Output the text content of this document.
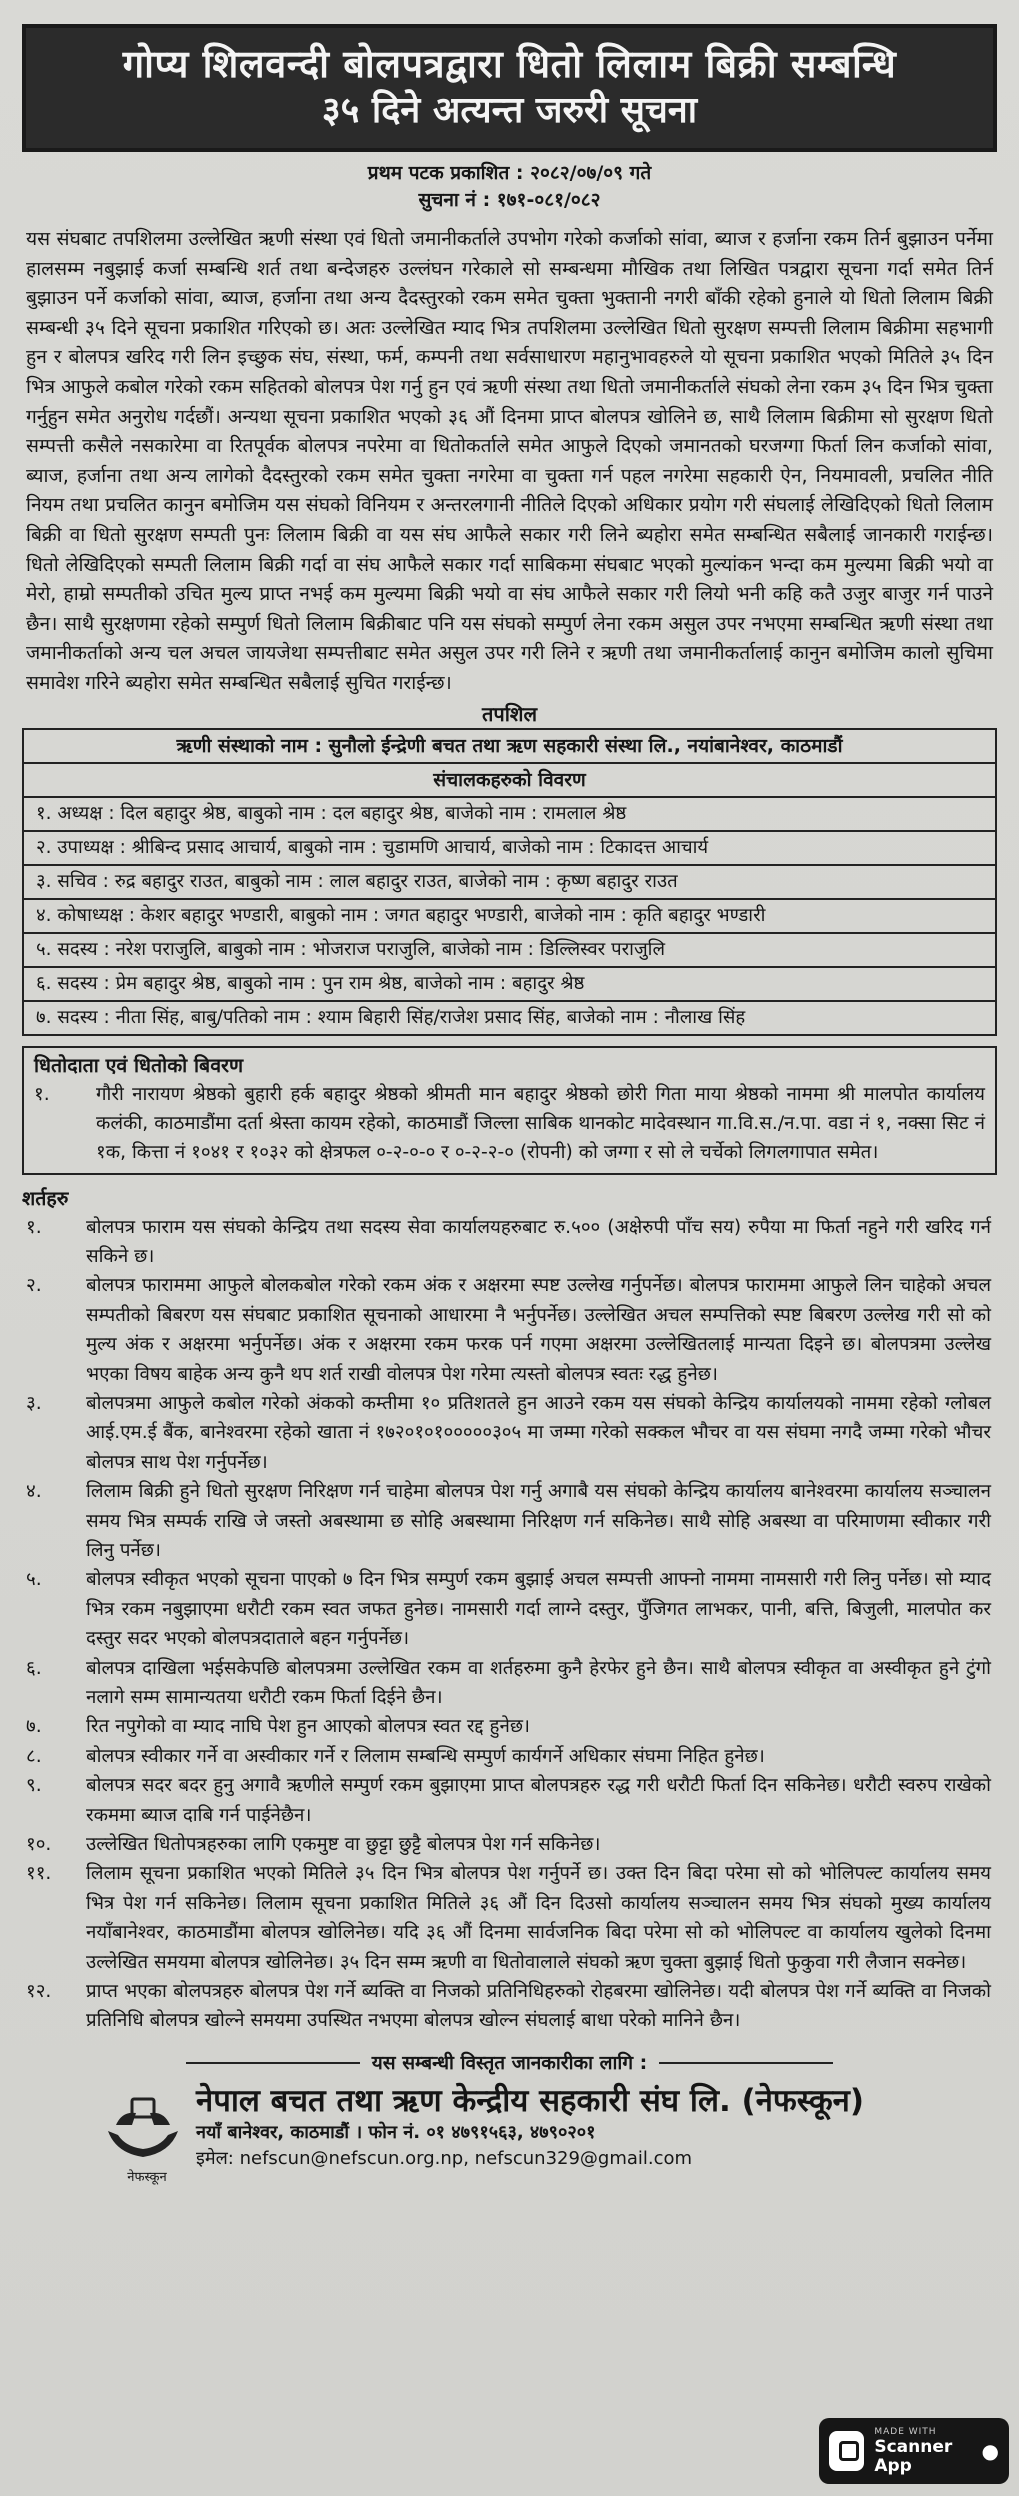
गोप्य शिलवन्दी बोलपत्रद्वारा धितो लिलाम बिक्री सम्बन्धि
३५ दिने अत्यन्त जरुरी सूचना
प्रथम पटक प्रकाशित : २०८२/०७/०९ गते
सुचना नं : १७१-०८१/०८२
यस संघबाट तपशिलमा उल्लेखित ऋणी संस्था एवं धितो जमानीकर्ताले उपभोग गरेको कर्जाको सांवा, ब्याज र हर्जाना रकम तिर्न बुझाउन पर्नेमा हालसम्म नबुझाई कर्जा सम्बन्धि शर्त तथा बन्देजहरु उल्लंघन गरेकाले सो सम्बन्धमा मौखिक तथा लिखित पत्रद्वारा सूचना गर्दा समेत तिर्न बुझाउन पर्ने कर्जाको सांवा, ब्याज, हर्जाना तथा अन्य दैदस्तुरको रकम समेत चुक्ता भुक्तानी नगरी बाँकी रहेको हुनाले यो धितो लिलाम बिक्री सम्बन्धी ३५ दिने सूचना प्रकाशित गरिएको छ। अतः उल्लेखित म्याद भित्र तपशिलमा उल्लेखित धितो सुरक्षण सम्पत्ती लिलाम बिक्रीमा सहभागी हुन र बोलपत्र खरिद गरी लिन इच्छुक संघ, संस्था, फर्म, कम्पनी तथा सर्वसाधारण महानुभावहरुले यो सूचना प्रकाशित भएको मितिले ३५ दिन भित्र आफुले कबोल गरेको रकम सहितको बोलपत्र पेश गर्नु हुन एवं ऋणी संस्था तथा धितो जमानीकर्ताले संघको लेना रकम ३५ दिन भित्र चुक्ता गर्नुहुन समेत अनुरोध गर्दछौं। अन्यथा सूचना प्रकाशित भएको ३६ औं दिनमा प्राप्त बोलपत्र खोलिने छ, साथै लिलाम बिक्रीमा सो सुरक्षण धितो सम्पत्ती कसैले नसकारेमा वा रितपूर्वक बोलपत्र नपरेमा वा धितोकर्ताले समेत आफुले दिएको जमानतको घरजग्गा फिर्ता लिन कर्जाको सांवा, ब्याज, हर्जाना तथा अन्य लागेको दैदस्तुरको रकम समेत चुक्ता नगरेमा वा चुक्ता गर्न पहल नगरेमा सहकारी ऐन, नियमावली, प्रचलित नीति नियम तथा प्रचलित कानुन बमोजिम यस संघको विनियम र अन्तरलगानी नीतिले दिएको अधिकार प्रयोग गरी संघलाई लेखिदिएको धितो लिलाम बिक्री वा धितो सुरक्षण सम्पती पुनः लिलाम बिक्री वा यस संघ आफैले सकार गरी लिने ब्यहोरा समेत सम्बन्धित सबैलाई जानकारी गराईन्छ। धितो लेखिदिएको सम्पती लिलाम बिक्री गर्दा वा संघ आफैले सकार गर्दा साबिकमा संघबाट भएको मुल्यांकन भन्दा कम मुल्यमा बिक्री भयो वा मेरो, हाम्रो सम्पतीको उचित मुल्य प्राप्त नभई कम मुल्यमा बिक्री भयो वा संघ आफैले सकार गरी लियो भनी कहि कतै उजुर बाजुर गर्न पाउने छैन। साथै सुरक्षणमा रहेको सम्पुर्ण धितो लिलाम बिक्रीबाट पनि यस संघको सम्पुर्ण लेना रकम असुल उपर नभएमा सम्बन्धित ऋणी संस्था तथा जमानीकर्ताको अन्य चल अचल जायजेथा सम्पत्तीबाट समेत असुल उपर गरी लिने र ऋणी तथा जमानीकर्तालाई कानुन बमोजिम कालो सुचिमा समावेश गरिने ब्यहोरा समेत सम्बन्धित सबैलाई सुचित गराईन्छ।
तपशिल
ऋणी संस्थाको नाम : सुनौलो ईन्द्रेणी बचत तथा ऋण सहकारी संस्था लि., नयांबानेश्वर, काठमाडौं
संचालकहरुको विवरण
१. अध्यक्ष : दिल बहादुर श्रेष्ठ, बाबुको नाम : दल बहादुर श्रेष्ठ, बाजेको नाम : रामलाल श्रेष्ठ
२. उपाध्यक्ष : श्रीबिन्द प्रसाद आचार्य, बाबुको नाम : चुडामणि आचार्य, बाजेको नाम : टिकादत्त आचार्य
३. सचिव : रुद्र बहादुर राउत, बाबुको नाम : लाल बहादुर राउत, बाजेको नाम : कृष्ण बहादुर राउत
४. कोषाध्यक्ष : केशर बहादुर भण्डारी, बाबुको नाम : जगत बहादुर भण्डारी, बाजेको नाम : कृति बहादुर भण्डारी
५. सदस्य : नरेश पराजुलि, बाबुको नाम : भोजराज पराजुलि, बाजेको नाम : डिल्लिस्वर पराजुलि
६. सदस्य : प्रेम बहादुर श्रेष्ठ, बाबुको नाम : पुन राम श्रेष्ठ, बाजेको नाम : बहादुर श्रेष्ठ
७. सदस्य : नीता सिंह, बाबु/पतिको नाम : श्याम बिहारी सिंह/राजेश प्रसाद सिंह, बाजेको नाम : नौलाख सिंह
धितोदाता एवं धितोको बिवरण
१.	गौरी नारायण श्रेष्ठको बुहारी हर्क बहादुर श्रेष्ठको श्रीमती मान बहादुर श्रेष्ठको छोरी गिता माया श्रेष्ठको नाममा श्री मालपोत कार्यालय कलंकी, काठमाडौंमा दर्ता श्रेस्ता कायम रहेको, काठमाडौं जिल्ला साबिक थानकोट मादेवस्थान गा.वि.स./न.पा. वडा नं १, नक्सा सिट नं १क, कित्ता नं १०४१ र १०३२ को क्षेत्रफल ०-२-०-० र ०-२-२-० (रोपनी) को जग्गा र सो ले चर्चेको लिगलगापात समेत।
शर्तहरु
१.	बोलपत्र फाराम यस संघको केन्द्रिय तथा सदस्य सेवा कार्यालयहरुबाट रु.५०० (अक्षेरुपी पाँच सय) रुपैया मा फिर्ता नहुने गरी खरिद गर्न सकिने छ।
२.	बोलपत्र फाराममा आफुले बोलकबोल गरेको रकम अंक र अक्षरमा स्पष्ट उल्लेख गर्नुपर्नेछ। बोलपत्र फाराममा आफुले लिन चाहेको अचल सम्पतीको बिबरण यस संघबाट प्रकाशित सूचनाको आधारमा नै भर्नुपर्नेछ। उल्लेखित अचल सम्पत्तिको स्पष्ट बिबरण उल्लेख गरी सो को मुल्य अंक र अक्षरमा भर्नुपर्नेछ। अंक र अक्षरमा रकम फरक पर्न गएमा अक्षरमा उल्लेखितलाई मान्यता दिइने छ। बोलपत्रमा उल्लेख भएका विषय बाहेक अन्य कुनै थप शर्त राखी वोलपत्र पेश गरेमा त्यस्तो बोलपत्र स्वतः रद्ध हुनेछ।
३.	बोलपत्रमा आफुले कबोल गरेको अंकको कम्तीमा १० प्रतिशतले हुन आउने रकम यस संघको केन्द्रिय कार्यालयको नाममा रहेको ग्लोबल आई.एम.ई बैंक, बानेश्वरमा रहेको खाता नं १७२०१०१०००००३०५ मा जम्मा गरेको सक्कल भौचर वा यस संघमा नगदै जम्मा गरेको भौचर बोलपत्र साथ पेश गर्नुपर्नेछ।
४.	लिलाम बिक्री हुने धितो सुरक्षण निरिक्षण गर्न चाहेमा बोलपत्र पेश गर्नु अगाबै यस संघको केन्द्रिय कार्यालय बानेश्वरमा कार्यालय सञ्चालन समय भित्र सम्पर्क राखि जे जस्तो अबस्थामा छ सोहि अबस्थामा निरिक्षण गर्न सकिनेछ। साथै सोहि अबस्था वा परिमाणमा स्वीकार गरी लिनु पर्नेछ।
५.	बोलपत्र स्वीकृत भएको सूचना पाएको ७ दिन भित्र सम्पुर्ण रकम बुझाई अचल सम्पत्ती आफ्नो नाममा नामसारी गरी लिनु पर्नेछ। सो म्याद भित्र रकम नबुझाएमा धरौटी रकम स्वत जफत हुनेछ। नामसारी गर्दा लाग्ने दस्तुर, पुँजिगत लाभकर, पानी, बत्ति, बिजुली, मालपोत कर दस्तुर सदर भएको बोलपत्रदाताले बहन गर्नुपर्नेछ।
६.	बोलपत्र दाखिला भईसकेपछि बोलपत्रमा उल्लेखित रकम वा शर्तहरुमा कुनै हेरफेर हुने छैन। साथै बोलपत्र स्वीकृत वा अस्वीकृत हुने टुंगो नलागे सम्म सामान्यतया धरौटी रकम फिर्ता दिईने छैन।
७.	रित नपुगेको वा म्याद नाघि पेश हुन आएको बोलपत्र स्वत रद्द हुनेछ।
८.	बोलपत्र स्वीकार गर्ने वा अस्वीकार गर्ने र लिलाम सम्बन्धि सम्पुर्ण कार्यगर्ने अधिकार संघमा निहित हुनेछ।
९.	बोलपत्र सदर बदर हुनु अगावै ऋणीले सम्पुर्ण रकम बुझाएमा प्राप्त बोलपत्रहरु रद्ध गरी धरौटी फिर्ता दिन सकिनेछ। धरौटी स्वरुप राखेको रकममा ब्याज दाबि गर्न पाईनेछैन।
१०.	उल्लेखित धितोपत्रहरुका लागि एकमुष्ट वा छुट्टा छुट्टै बोलपत्र पेश गर्न सकिनेछ।
११.	लिलाम सूचना प्रकाशित भएको मितिले ३५ दिन भित्र बोलपत्र पेश गर्नुपर्ने छ। उक्त दिन बिदा परेमा सो को भोलिपल्ट कार्यालय समय भित्र पेश गर्न सकिनेछ। लिलाम सूचना प्रकाशित मितिले ३६ औं दिन दिउसो कार्यालय सञ्चालन समय भित्र संघको मुख्य कार्यालय नयाँबानेश्वर, काठमाडौंमा बोलपत्र खोलिनेछ। यदि ३६ औं दिनमा सार्वजनिक बिदा परेमा सो को भोलिपल्ट वा कार्यालय खुलेको दिनमा उल्लेखित समयमा बोलपत्र खोलिनेछ। ३५ दिन सम्म ऋणी वा धितोवालाले संघको ऋण चुक्ता बुझाई धितो फुकुवा गरी लैजान सक्नेछ।
१२.	प्राप्त भएका बोलपत्रहरु बोलपत्र पेश गर्ने ब्यक्ति वा निजको प्रतिनिधिहरुको रोहबरमा खोलिनेछ। यदी बोलपत्र पेश गर्ने ब्यक्ति वा निजको प्रतिनिधि बोलपत्र खोल्ने समयमा उपस्थित नभएमा बोलपत्र खोल्न संघलाई बाधा परेको मानिने छैन।
यस सम्बन्धी विस्तृत जानकारीका लागि :
नेफस्कून
नेपाल बचत तथा ऋण केन्द्रीय सहकारी संघ लि. (नेफस्कून)
नयाँ बानेश्वर, काठमाडौं । फोन नं. ०१ ४७९१५६३, ४७९०२०१
इमेल: nefscun@nefscun.org.np, nefscun329@gmail.com
MADE WITH
Scanner App
●
